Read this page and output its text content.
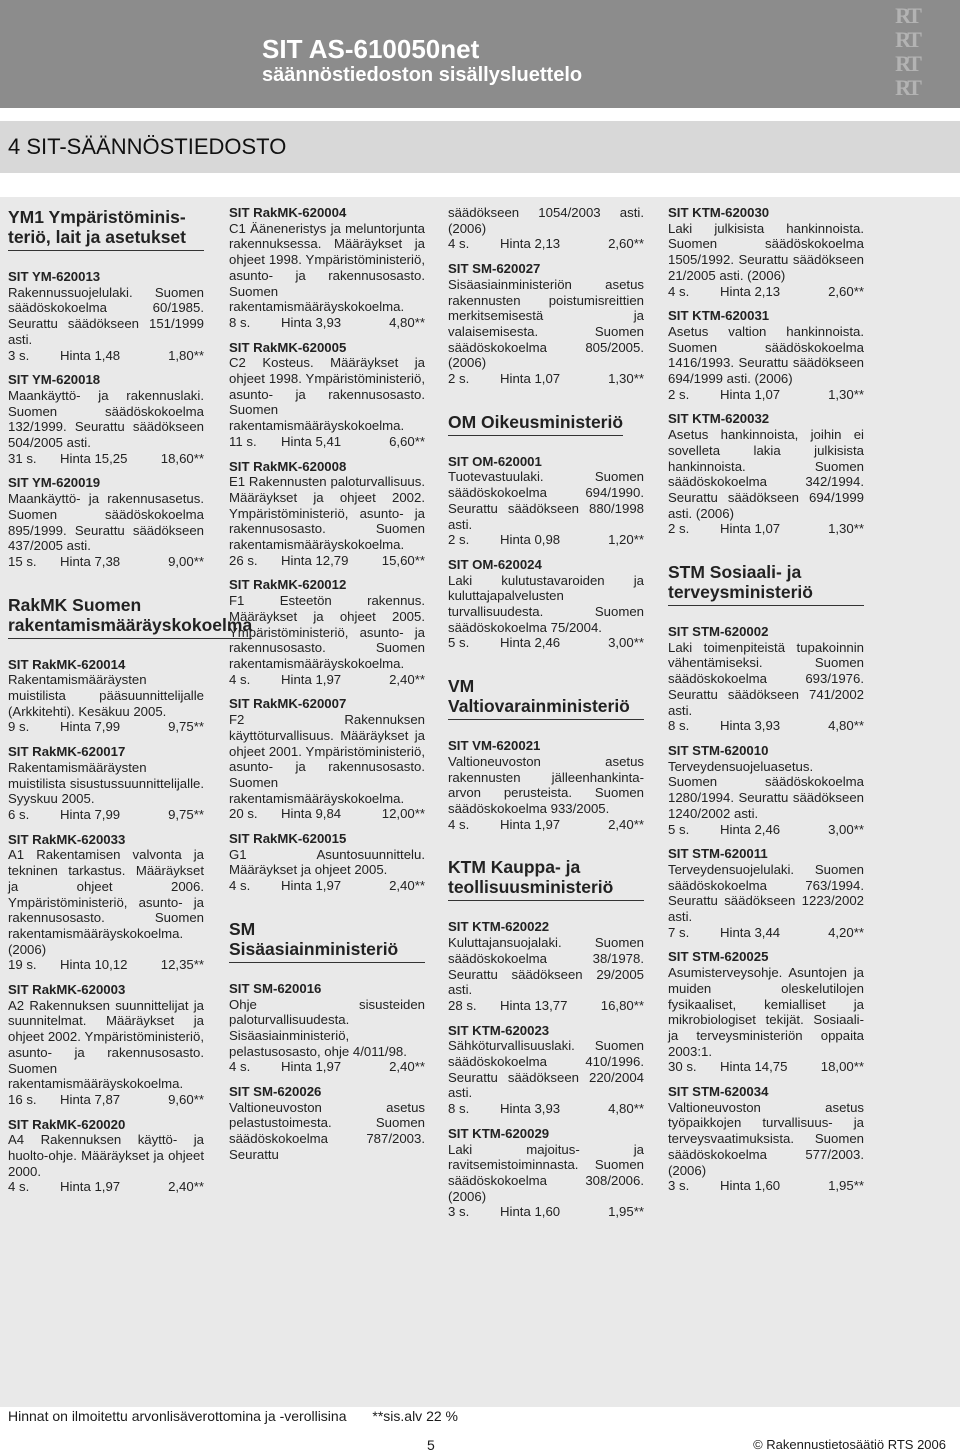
SIT AS-610050net
säännöstiedoston sisällysluettelo
RT
RT
RT
RT
4 SIT-SÄÄNNÖSTIEDOSTO
YM1 Ympäristöminis-teriö, lait ja asetukset
SIT YM-620013

Rakennussuojelulaki. Suomen säädöskokoelma 60/1985. Seurattu säädökseen 151/1999 asti.

3 s.	Hinta 1,48	1,80**
SIT YM-620018

Maankäyttö- ja rakennuslaki. Suomen säädöskokoelma 132/1999. Seurattu säädökseen 504/2005 asti.

31 s.	Hinta 15,25	18,60**
SIT YM-620019

Maankäyttö- ja rakennusasetus. Suomen säädöskokoelma 895/1999. Seurattu säädökseen 437/2005 asti.

15 s.	Hinta 7,38	9,00**
RakMK Suomen rakentamismääräyskokoelma
SIT RakMK-620014

Rakentamismääräysten muistilista pääsuunnittelijalle (Arkkitehti). Kesäkuu 2005.

9 s.	Hinta 7,99	9,75**
SIT RakMK-620017

Rakentamismääräysten muistilista sisustussuunnittelijalle. Syyskuu 2005.

6 s.	Hinta 7,99	9,75**
SIT RakMK-620033

A1 Rakentamisen valvonta ja tekninen tarkastus. Määräykset ja ohjeet 2006. Ympäristöministeriö, asunto- ja rakennusosasto. Suomen rakentamismääräyskokoelma. (2006)

19 s.	Hinta 10,12	12,35**
SIT RakMK-620003

A2 Rakennuksen suunnittelijat ja suunnitelmat. Määräykset ja ohjeet 2002. Ympäristöministeriö, asunto- ja rakennusosasto. Suomen rakentamismääräyskokoelma.

16 s.	Hinta 7,87	9,60**
SIT RakMK-620020

A4 Rakennuksen käyttö- ja huolto-ohje. Määräykset ja ohjeet 2000.

4 s.	Hinta 1,97	2,40**
SIT RakMK-620004

C1 Ääneneristys ja meluntorjunta rakennuksessa. Määräykset ja ohjeet 1998. Ympäristöministeriö, asunto- ja rakennusosasto. Suomen rakentamismääräyskokoelma.

8 s.	Hinta 3,93	4,80**
SIT RakMK-620005

C2 Kosteus. Määräykset ja ohjeet 1998. Ympäristöministeriö, asunto- ja rakennusosasto. Suomen rakentamismääräyskokoelma.

11 s.	Hinta 5,41	6,60**
SIT RakMK-620008

E1 Rakennusten paloturvallisuus. Määräykset ja ohjeet 2002. Ympäristöministeriö, asunto- ja rakennusosasto. Suomen rakentamismääräyskokoelma.

26 s.	Hinta 12,79	15,60**
SIT RakMK-620012

F1 Esteetön rakennus. Määräykset ja ohjeet 2005. Ympäristöministeriö, asunto- ja rakennusosasto. Suomen rakentamismääräyskokoelma.

4 s.	Hinta 1,97	2,40**
SIT RakMK-620007

F2 Rakennuksen käyttöturvallisuus. Määräykset ja ohjeet 2001. Ympäristöministeriö, asunto- ja rakennusosasto. Suomen rakentamismääräyskokoelma.

20 s.	Hinta 9,84	12,00**
SIT RakMK-620015

G1 Asuntosuunnittelu. Määräykset ja ohjeet 2005.

4 s.	Hinta 1,97	2,40**
SM Sisäasiainministeriö
SIT SM-620016

Ohje sisusteiden paloturvallisuudesta. Sisäasiainministeriö, pelastusosasto, ohje 4/011/98.

4 s.	Hinta 1,97	2,40**
SIT SM-620026

Valtioneuvoston asetus pelastustoimesta. Suomen säädöskokoelma 787/2003. Seurattu

säädökseen 1054/2003 asti. (2006)

4 s.	Hinta 2,13	2,60**
SIT SM-620027

Sisäasiainministeriön asetus rakennusten poistumisreittien merkitsemisestä ja valaisemisesta. Suomen säädöskokoelma 805/2005. (2006)

2 s.	Hinta 1,07	1,30**
OM Oikeusministeriö
SIT OM-620001

Tuotevastuulaki. Suomen säädöskokoelma 694/1990. Seurattu säädökseen 880/1998 asti.

2 s.	Hinta 0,98	1,20**
SIT OM-620024

Laki kulutustavaroiden ja kuluttajapalvelusten turvallisuudesta. Suomen säädöskokoelma 75/2004.

5 s.	Hinta 2,46	3,00**
VM Valtiovarainministeriö
SIT VM-620021

Valtioneuvoston asetus rakennusten jälleenhankinta-arvon perusteista. Suomen säädöskokoelma 933/2005.

4 s.	Hinta 1,97	2,40**
KTM Kauppa- ja teollisuusministeriö
SIT KTM-620022

Kuluttajansuojalaki. Suomen säädöskokoelma 38/1978. Seurattu säädökseen 29/2005 asti.

28 s.	Hinta 13,77	16,80**
SIT KTM-620023

Sähköturvallisuuslaki. Suomen säädöskokoelma 410/1996. Seurattu säädökseen 220/2004 asti.

8 s.	Hinta 3,93	4,80**
SIT KTM-620029

Laki majoitus- ja ravitsemistoiminnasta. Suomen säädöskokoelma 308/2006. (2006)

3 s.	Hinta 1,60	1,95**
SIT KTM-620030

Laki julkisista hankinnoista. Suomen säädöskokoelma 1505/1992. Seurattu säädökseen 21/2005 asti. (2006)

4 s.	Hinta 2,13	2,60**
SIT KTM-620031

Asetus valtion hankinnoista. Suomen säädöskokoelma 1416/1993. Seurattu säädökseen 694/1999 asti. (2006)

2 s.	Hinta 1,07	1,30**
SIT KTM-620032

Asetus hankinnoista, joihin ei sovelleta lakia julkisista hankinnoista. Suomen säädöskokoelma 342/1994. Seurattu säädökseen 694/1999 asti. (2006)

2 s.	Hinta 1,07	1,30**
STM Sosiaali- ja terveysministeriö
SIT STM-620002

Laki toimenpiteistä tupakoinnin vähentämiseksi. Suomen säädöskokoelma 693/1976. Seurattu säädökseen 741/2002 asti.

8 s.	Hinta 3,93	4,80**
SIT STM-620010

Terveydensuojeluasetus. Suomen säädöskokoelma 1280/1994. Seurattu säädökseen 1240/2002 asti.

5 s.	Hinta 2,46	3,00**
SIT STM-620011

Terveydensuojelulaki. Suomen säädöskokoelma 763/1994. Seurattu säädökseen 1223/2002 asti.

7 s.	Hinta 3,44	4,20**
SIT STM-620025

Asumisterveysohje. Asuntojen ja muiden oleskelutilojen fysikaaliset, kemialliset ja mikrobiologiset tekijät. Sosiaali- ja terveysministeriön oppaita 2003:1.

30 s.	Hinta 14,75	18,00**
SIT STM-620034

Valtioneuvoston asetus työpaikkojen turvallisuus- ja terveysvaatimuksista. Suomen säädöskokoelma 577/2003. (2006)

3 s.	Hinta 1,60	1,95**
Hinnat on ilmoitettu arvonlisäverottomina ja -verollisina **sis.alv 22 %
5	© Rakennustietosäätiö RTS 2006
